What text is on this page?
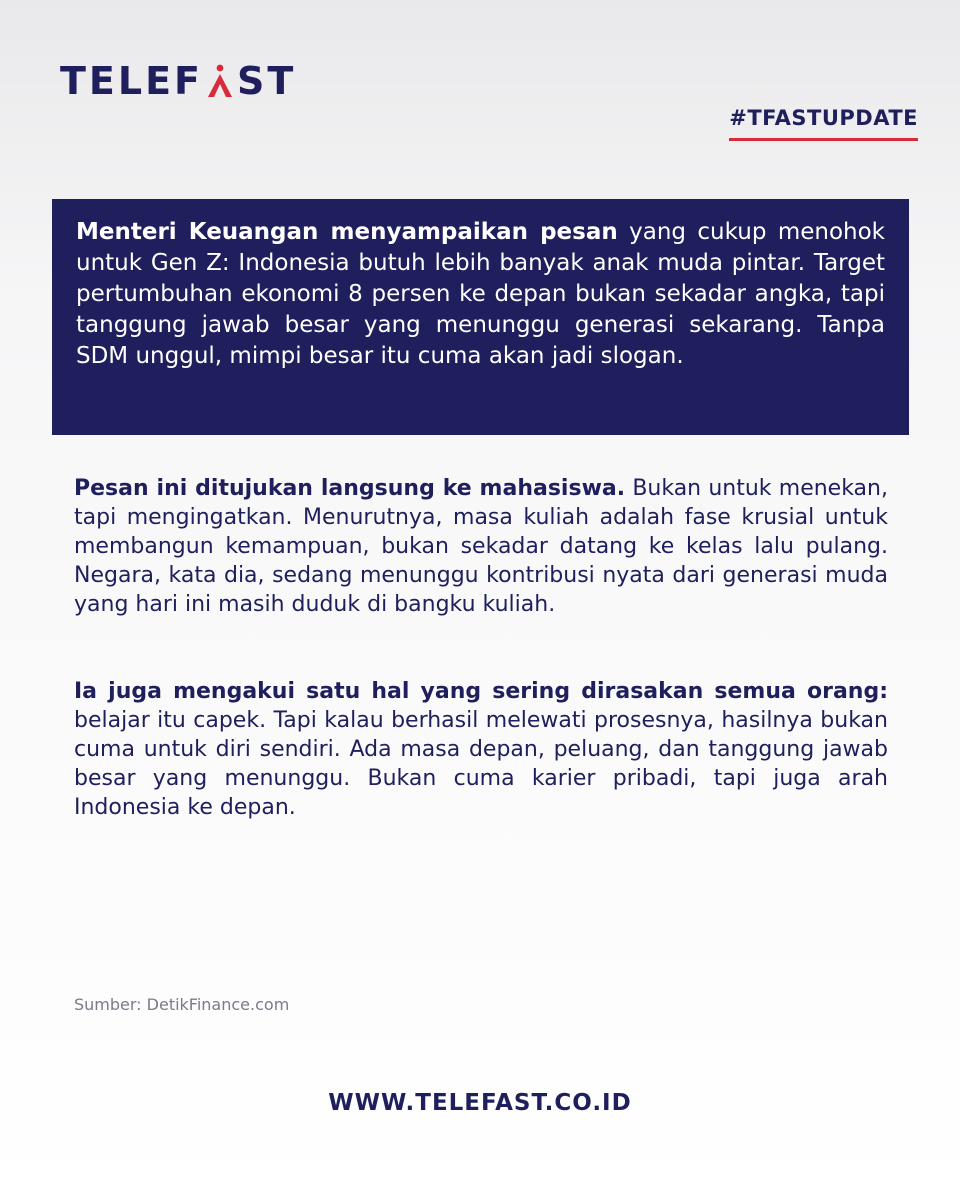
TELEF ST
#TFASTUPDATE

Menteri Keuangan menyampaikan pesan yang cukup menohok untuk Gen Z: Indonesia butuh lebih banyak anak muda pintar. Target pertumbuhan ekonomi 8 persen ke depan bukan sekadar angka, tapi tanggung jawab besar yang menunggu generasi sekarang. Tanpa SDM unggul, mimpi besar itu cuma akan jadi slogan.

Pesan ini ditujukan langsung ke mahasiswa. Bukan untuk menekan, tapi mengingatkan. Menurutnya, masa kuliah adalah fase krusial untuk membangun kemampuan, bukan sekadar datang ke kelas lalu pulang. Negara, kata dia, sedang menunggu kontribusi nyata dari generasi muda yang hari ini masih duduk di bangku kuliah.

Ia juga mengakui satu hal yang sering dirasakan semua orang: belajar itu capek. Tapi kalau berhasil melewati prosesnya, hasilnya bukan cuma untuk diri sendiri. Ada masa depan, peluang, dan tanggung jawab besar yang menunggu. Bukan cuma karier pribadi, tapi juga arah Indonesia ke depan.

Sumber: DetikFinance.com
WWW.TELEFAST.CO.ID
